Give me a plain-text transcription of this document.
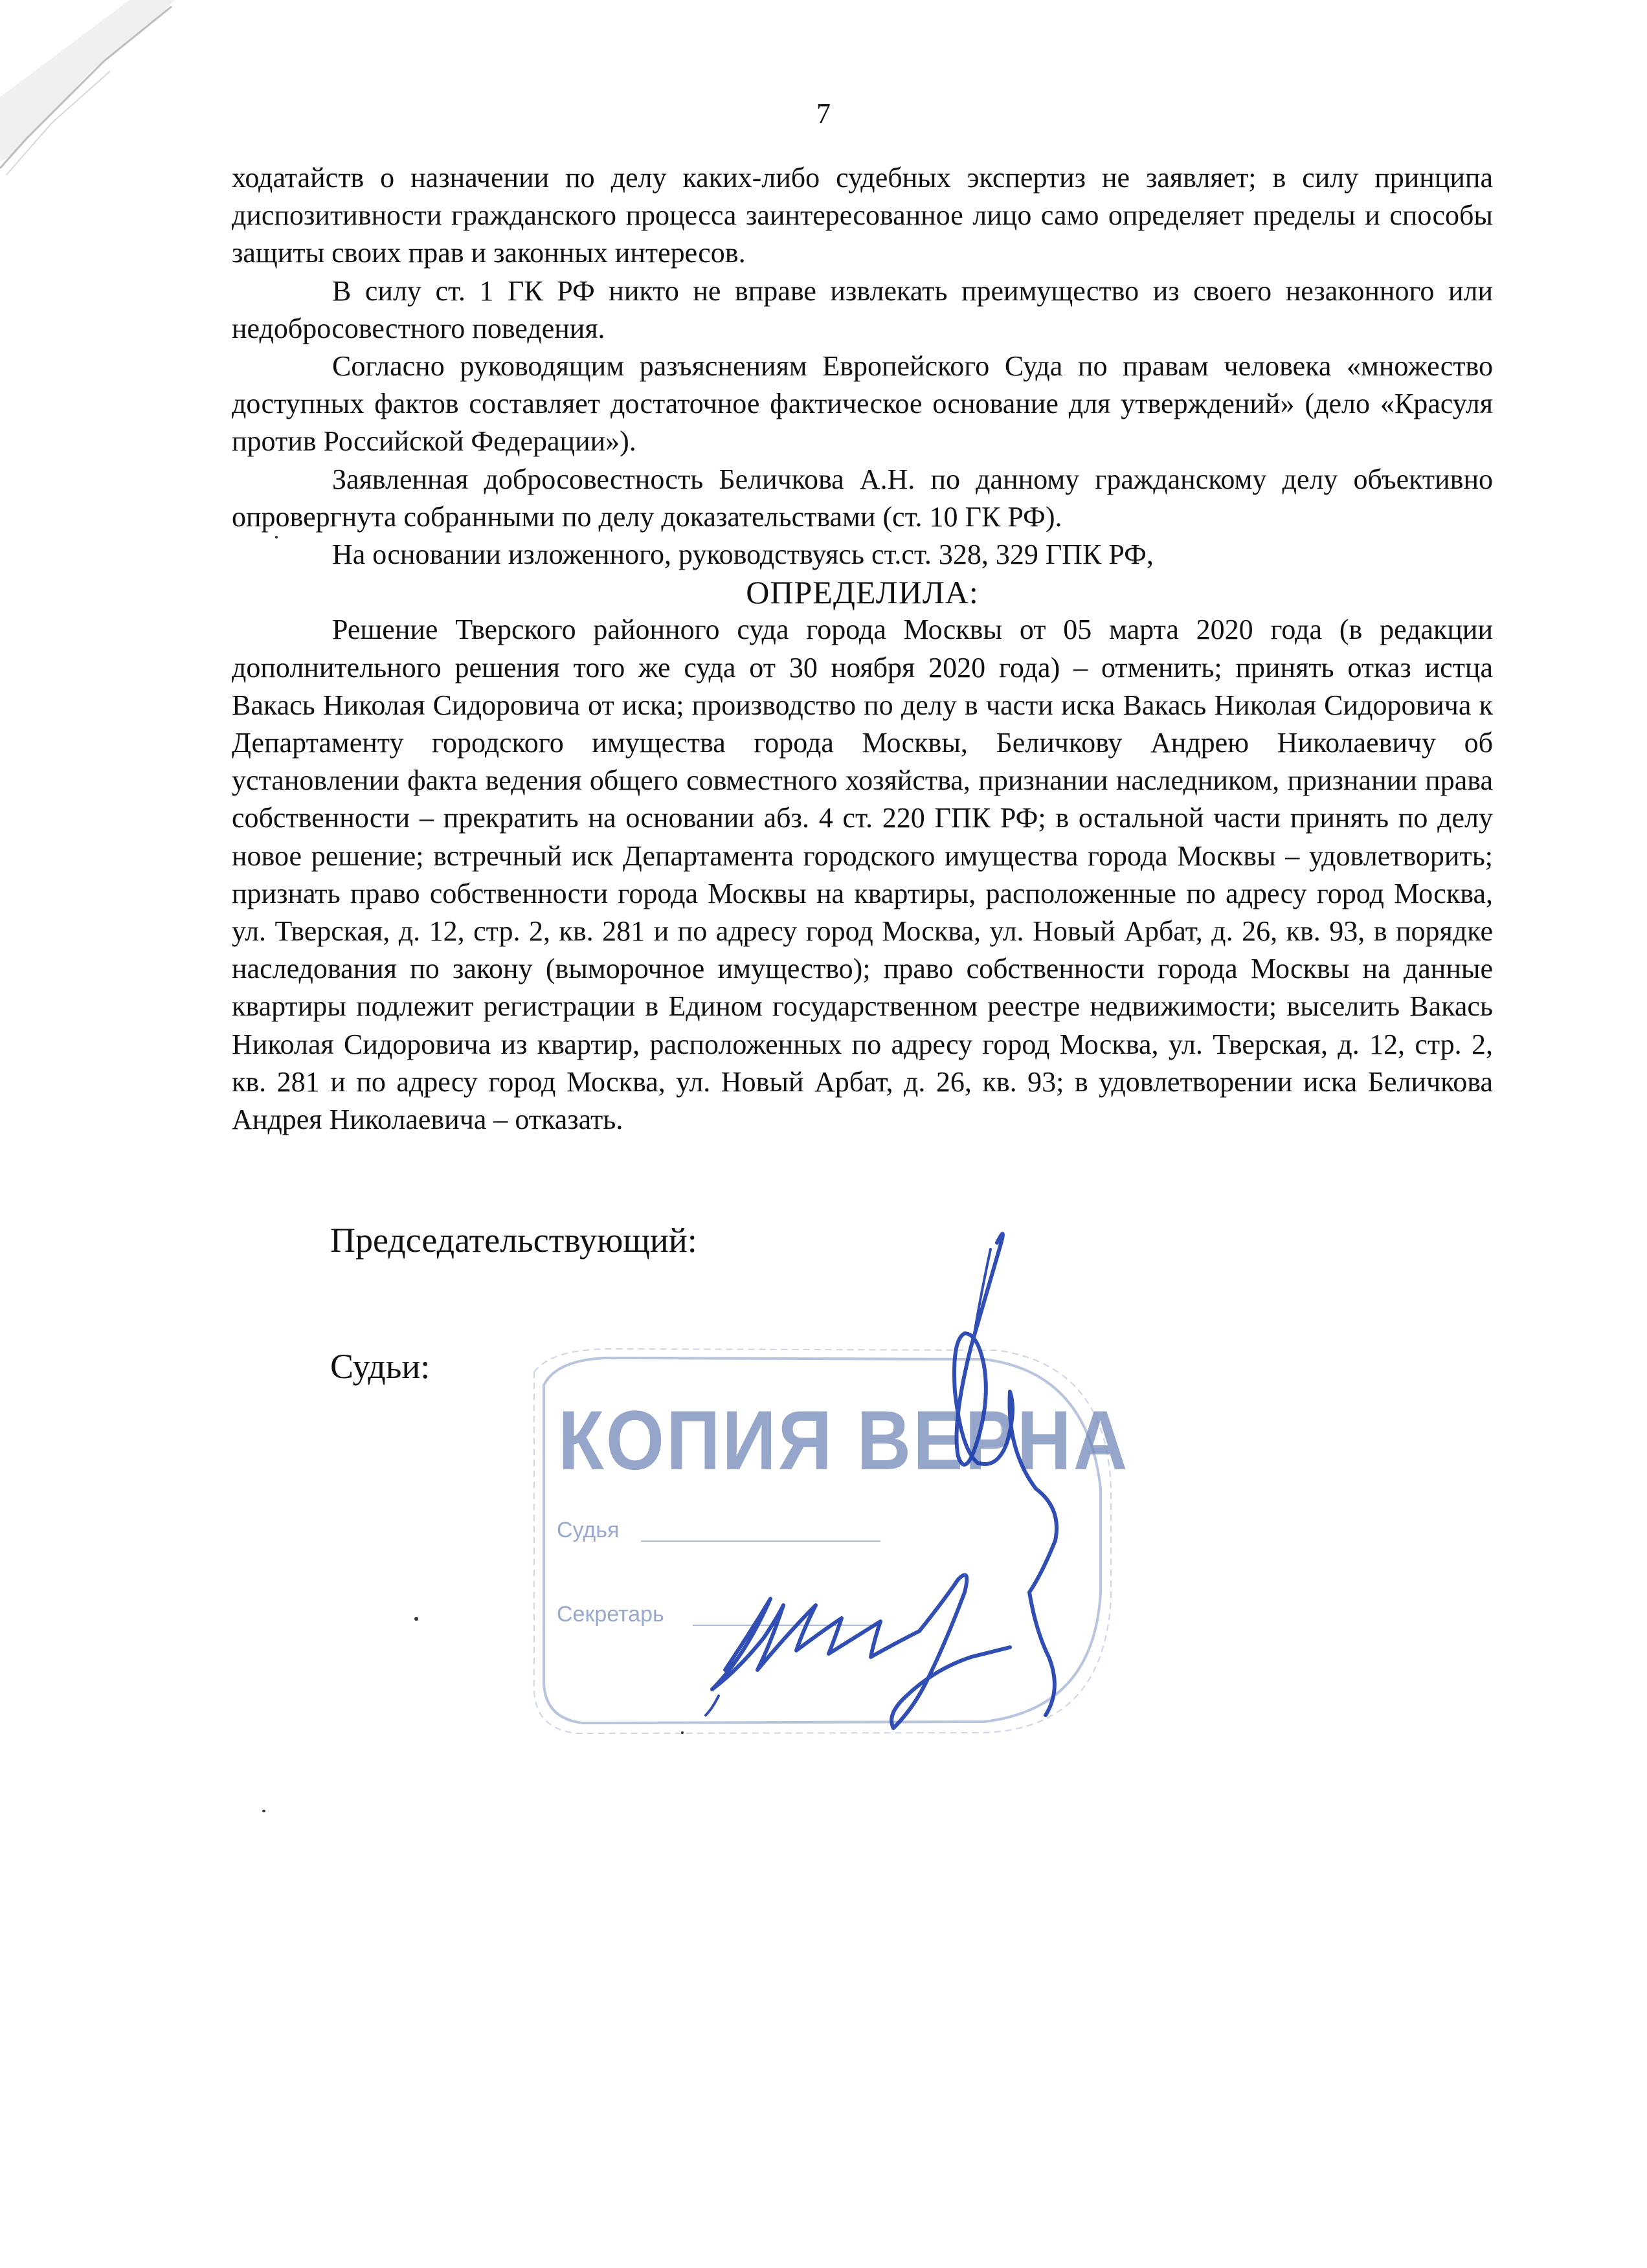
7

ходатайств о назначении по делу каких-либо судебных экспертиз не заявляет; в силу принципа диспозитивности гражданского процесса заинтересованное лицо само определяет пределы и способы защиты своих прав и законных интересов.

В силу ст. 1 ГК РФ никто не вправе извлекать преимущество из своего незаконного или недобросовестного поведения.

Согласно руководящим разъяснениям Европейского Суда по правам человека «множество доступных фактов составляет достаточное фактическое основание для утверждений» (дело «Красуля против Российской Федерации»).

Заявленная добросовестность Беличкова А.Н. по данному гражданскому делу объективно опровергнута собранными по делу доказательствами (ст. 10 ГК РФ).

На основании изложенного, руководствуясь ст.ст. 328, 329 ГПК РФ,

ОПРЕДЕЛИЛА:

Решение Тверского районного суда города Москвы от 05 марта 2020 года (в редакции дополнительного решения того же суда от 30 ноября 2020 года) – отменить; принять отказ истца Вакась Николая Сидоровича от иска; производство по делу в части иска Вакась Николая Сидоровича к Департаменту городского имущества города Москвы, Беличкову Андрею Николаевичу об установлении факта ведения общего совместного хозяйства, признании наследником, признании права собственности – прекратить на основании абз. 4 ст. 220 ГПК РФ; в остальной части принять по делу новое решение; встречный иск Департамента городского имущества города Москвы – удовлетворить; признать право собственности города Москвы на квартиры, расположенные по адресу город Москва, ул. Тверская, д. 12, стр. 2, кв. 281 и по адресу город Москва, ул. Новый Арбат, д. 26, кв. 93, в порядке наследования по закону (выморочное имущество); право собственности города Москвы на данные квартиры подлежит регистрации в Едином государственном реестре недвижимости; выселить Вакась Николая Сидоровича из квартир, расположенных по адресу город Москва, ул. Тверская, д. 12, стр. 2, кв. 281 и по адресу город Москва, ул. Новый Арбат, д. 26, кв. 93; в удовлетворении иска Беличкова Андрея Николаевича – отказать.

Председательствующий:

Судьи:

КОПИЯ ВЕРНА
Судья
Секретарь
